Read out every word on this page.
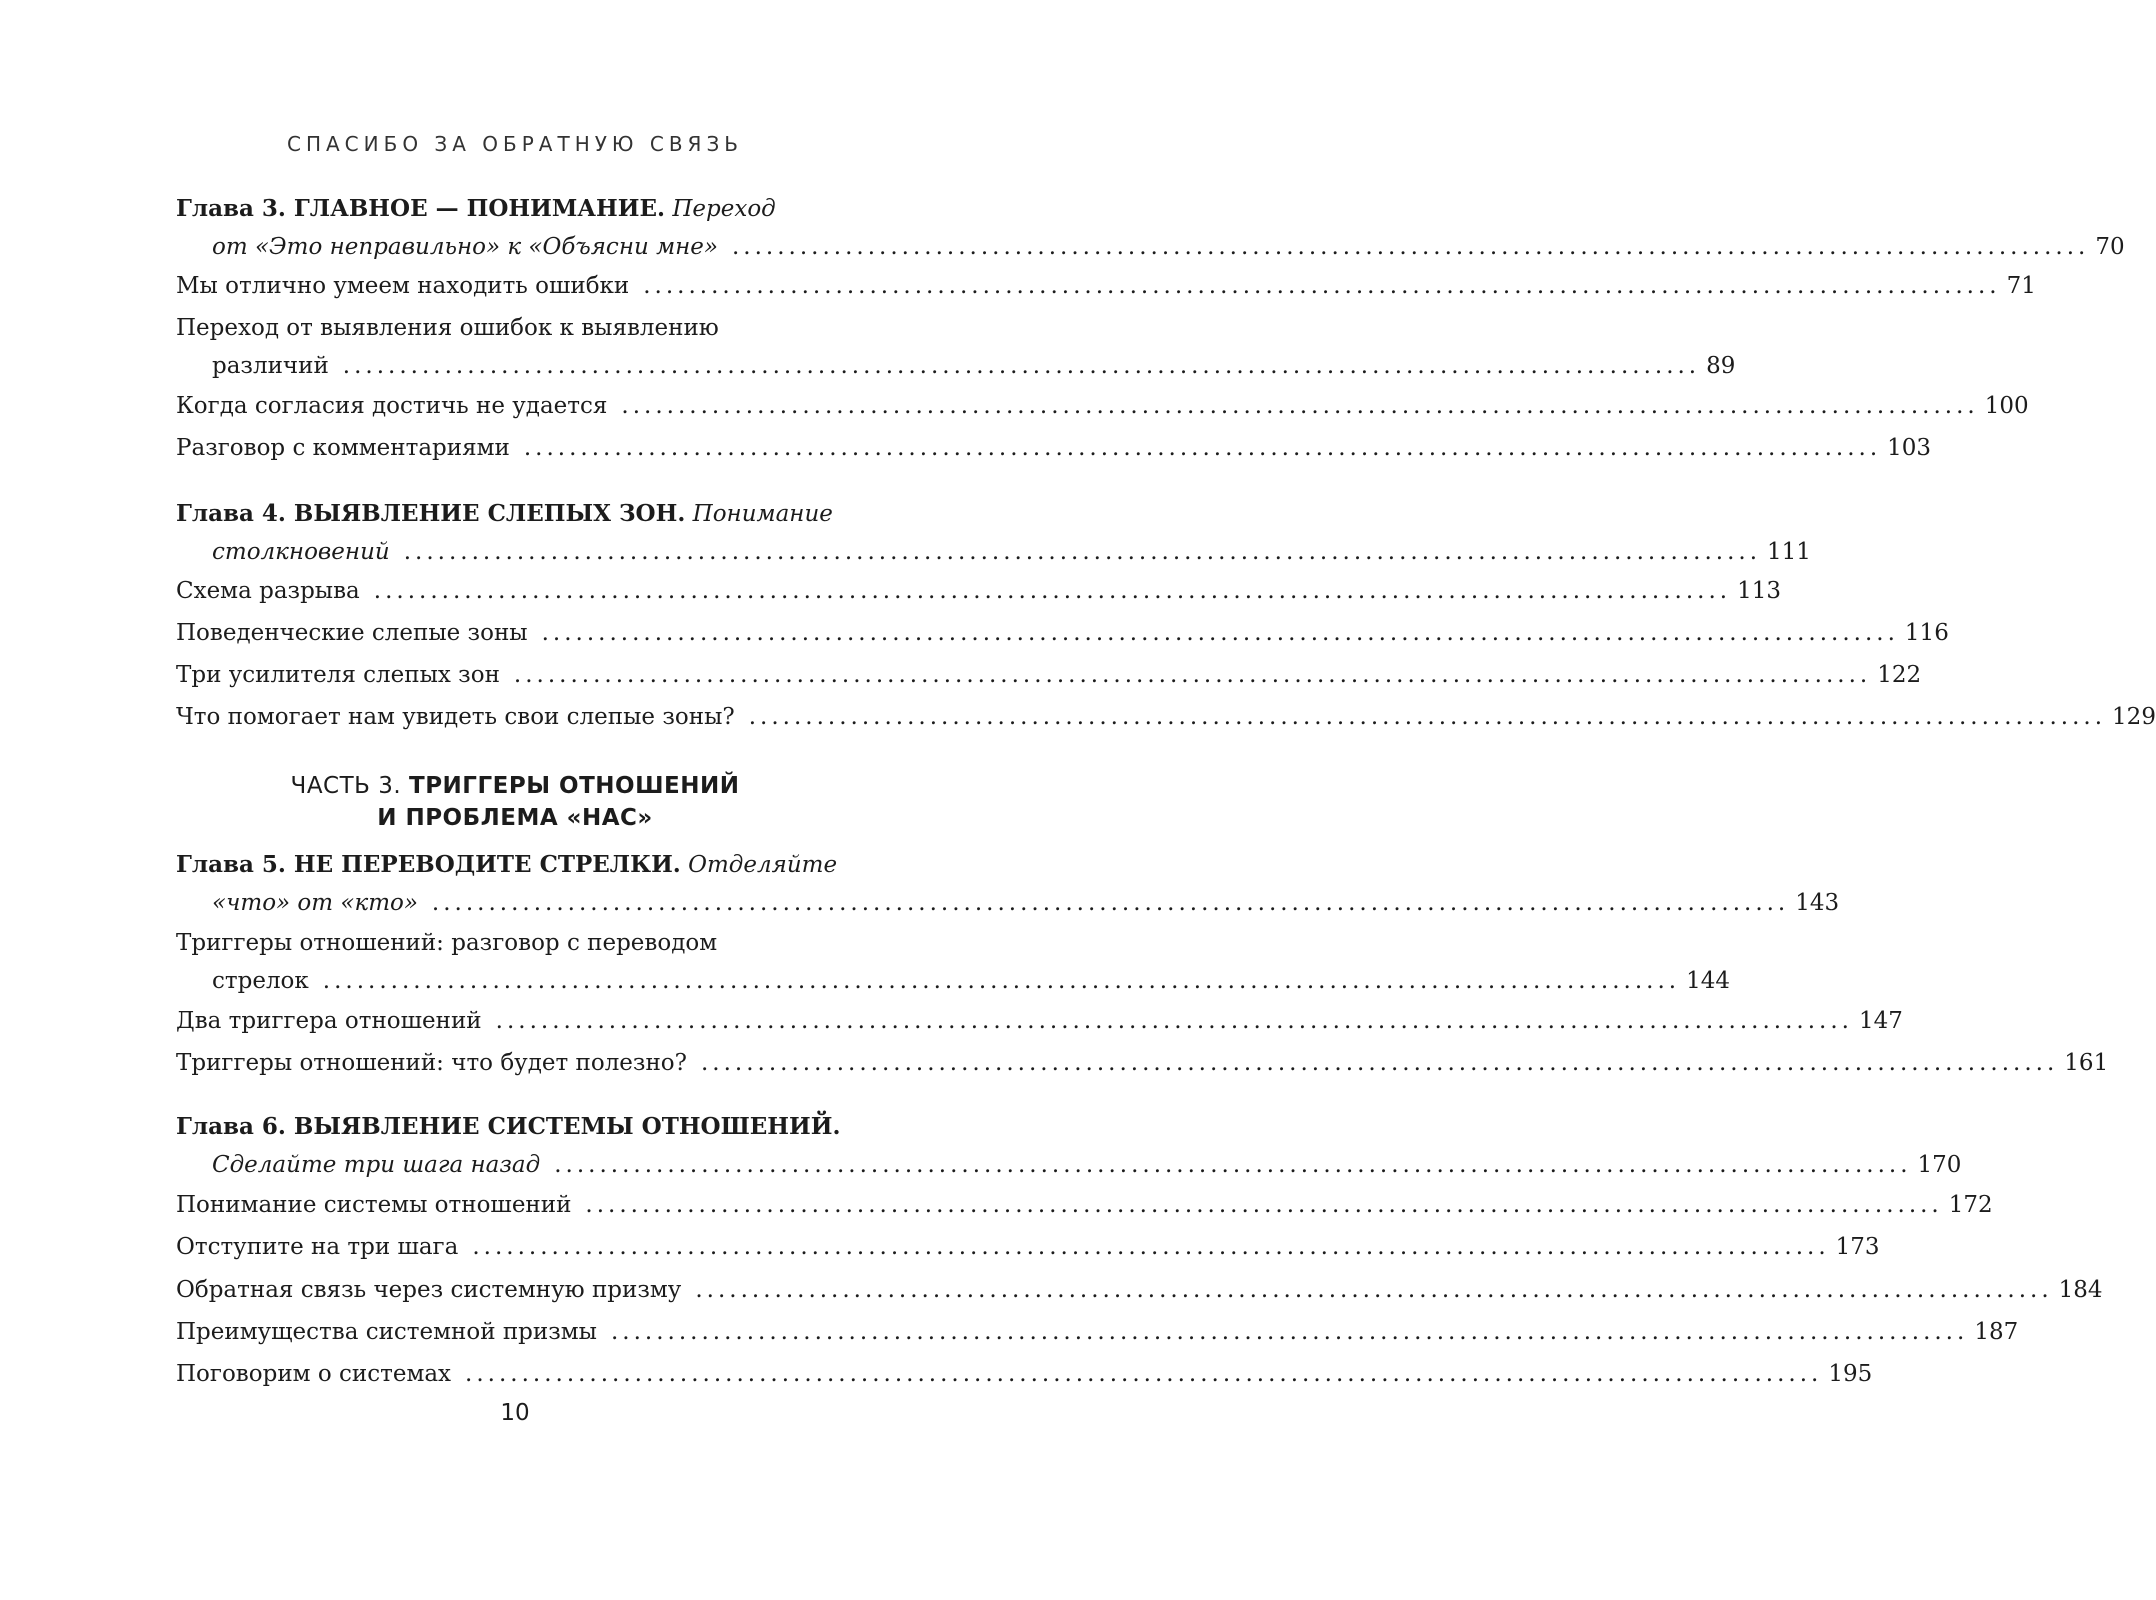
СПАСИБО ЗА ОБРАТНУЮ СВЯЗЬ
Глава 3. ГЛАВНОЕ — ПОНИМАНИЕ. Переход
от «Это неправильно» к «Объясни мне» ........................................................................................................................ 70
Мы отлично умеем находить ошибки ........................................................................................................................ 71
Переход от выявления ошибок к выявлению
различий ........................................................................................................................ 89
Когда согласия достичь не удается ........................................................................................................................ 100
Разговор с комментариями ........................................................................................................................ 103
Глава 4. ВЫЯВЛЕНИЕ СЛЕПЫХ ЗОН. Понимание
столкновений ........................................................................................................................ 111
Схема разрыва ........................................................................................................................ 113
Поведенческие слепые зоны ........................................................................................................................ 116
Три усилителя слепых зон ........................................................................................................................ 122
Что помогает нам увидеть свои слепые зоны? ........................................................................................................................ 129
ЧАСТЬ 3. ТРИГГЕРЫ ОТНОШЕНИЙ
И ПРОБЛЕМА «НАС»
Глава 5. НЕ ПЕРЕВОДИТЕ СТРЕЛКИ. Отделяйте
«что» от «кто» ........................................................................................................................ 143
Триггеры отношений: разговор с переводом
стрелок ........................................................................................................................ 144
Два триггера отношений ........................................................................................................................ 147
Триггеры отношений: что будет полезно? ........................................................................................................................ 161
Глава 6. ВЫЯВЛЕНИЕ СИСТЕМЫ ОТНОШЕНИЙ.
Сделайте три шага назад ........................................................................................................................ 170
Понимание системы отношений ........................................................................................................................ 172
Отступите на три шага ........................................................................................................................ 173
Обратная связь через системную призму ........................................................................................................................ 184
Преимущества системной призмы ........................................................................................................................ 187
Поговорим о системах ........................................................................................................................ 195
10
